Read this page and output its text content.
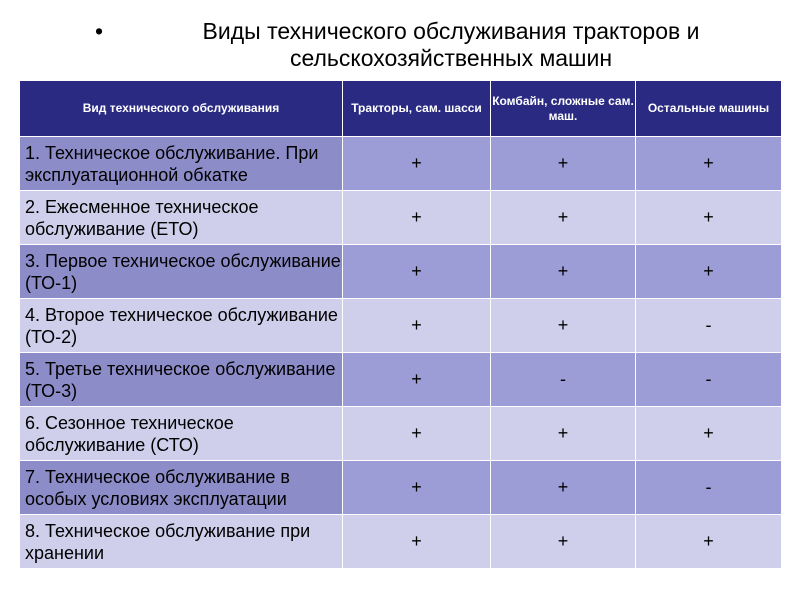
•	Виды технического обслуживания тракторов и сельскохозяйственных машин
Вид технического обслуживания	Тракторы, сам. шасси	Комбайн, сложные сам. маш.	Остальные машины
1. Техническое обслуживание. При эксплуатационной обкатке	+	+	+
2. Ежесменное техническое обслуживание (ЕТО)	+	+	+
3. Первое техническое обслуживание (ТО-1)	+	+	+
4. Второе техническое обслуживание (ТО-2)	+	+	-
5. Третье техническое обслуживание (ТО-3)	+	-	-
6. Сезонное техническое обслуживание (СТО)	+	+	+
7. Техническое обслуживание в особых условиях эксплуатации	+	+	-
8. Техническое обслуживание при хранении	+	+	+
